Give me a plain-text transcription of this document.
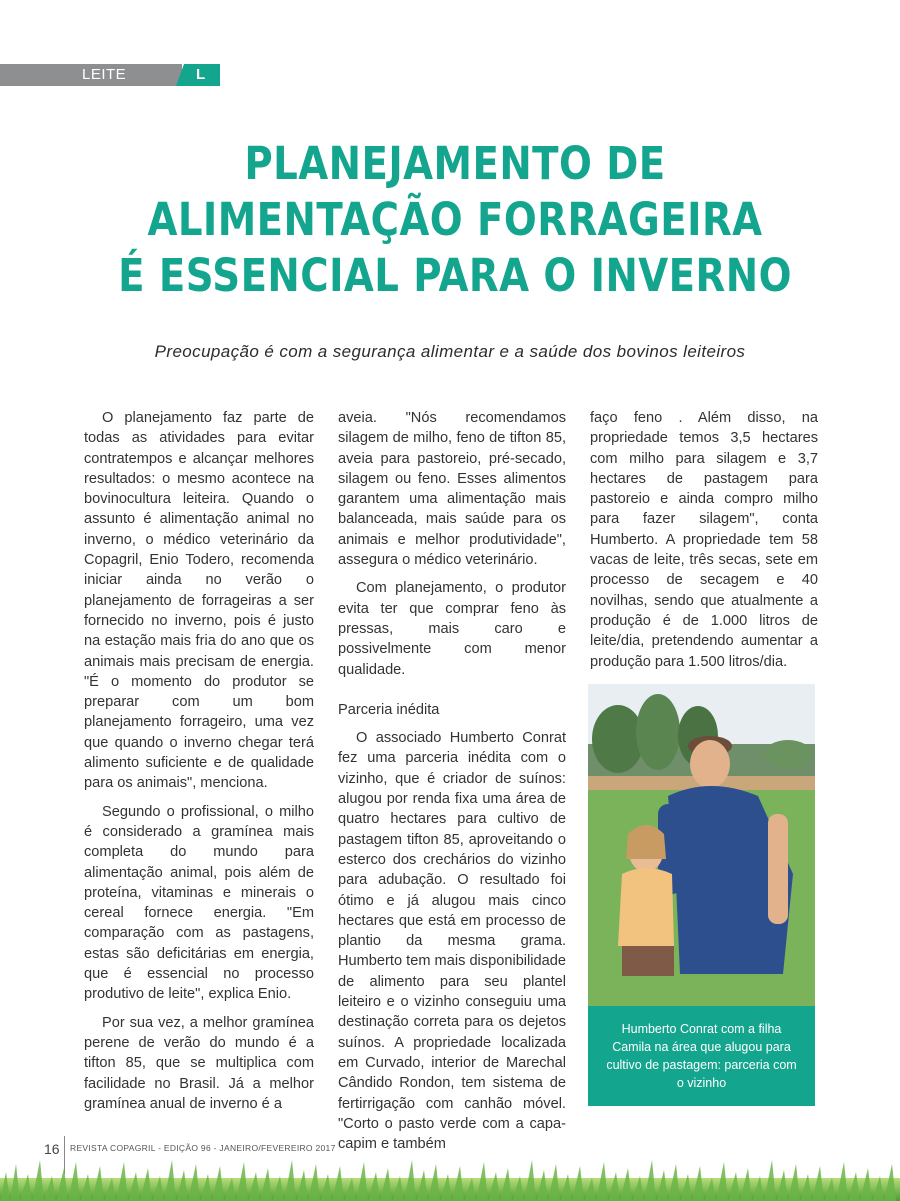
LEITE	L
PLANEJAMENTO DE
ALIMENTAÇÃO FORRAGEIRA
É ESSENCIAL PARA O INVERNO
Preocupação é com a segurança alimentar e a saúde dos bovinos leiteiros

O planejamento faz parte de todas as atividades para evitar contratempos e alcançar melhores resultados: o mesmo acontece na bovinocultura leiteira. Quando o assunto é alimentação animal no inverno, o médico veterinário da Copagril, Enio Todero, recomenda iniciar ainda no verão o planejamento de forrageiras a ser fornecido no inverno, pois é justo na estação mais fria do ano que os animais mais precisam de energia. "É o momento do produtor se preparar com um bom planejamento forrageiro, uma vez que quando o inverno chegar terá alimento suficiente e de qualidade para os animais", menciona.

Segundo o profissional, o milho é considerado a gramínea mais completa do mundo para alimentação animal, pois além de proteína, vitaminas e minerais o cereal fornece energia. "Em comparação com as pastagens, estas são deficitárias em energia, que é essencial no processo produtivo de leite", explica Enio.

Por sua vez, a melhor gramínea perene de verão do mundo é a tifton 85, que se multiplica com facilidade no Brasil. Já a melhor gramínea anual de inverno é a

aveia. "Nós recomendamos silagem de milho, feno de tifton 85, aveia para pastoreio, pré-secado, silagem ou feno. Esses alimentos garantem uma alimentação mais balanceada, mais saúde para os animais e melhor produtividade", assegura o médico veterinário.

Com planejamento, o produtor evita ter que comprar feno às pressas, mais caro e possivelmente com menor qualidade.

Parceria inédita

O associado Humberto Conrat fez uma parceria inédita com o vizinho, que é criador de suínos: alugou por renda fixa uma área de quatro hectares para cultivo de pastagem tifton 85, aproveitando o esterco dos crechários do vizinho para adubação. O resultado foi ótimo e já alugou mais cinco hectares que está em processo de plantio da mesma grama. Humberto tem mais disponibilidade de alimento para seu plantel leiteiro e o vizinho conseguiu uma destinação correta para os dejetos suínos. A propriedade localizada em Curvado, interior de Marechal Cândido Rondon, tem sistema de fertirrigação com canhão móvel. "Corto o pasto verde com a capa-capim e também

faço feno . Além disso, na propriedade temos 3,5 hectares com milho para silagem e 3,7 hectares de pastagem para pastoreio e ainda compro milho para fazer silagem", conta Humberto. A propriedade tem 58 vacas de leite, três secas, sete em processo de secagem e 40 novilhas, sendo que atualmente a produção é de 1.000 litros de leite/dia, pretendendo aumentar a produção para 1.500 litros/dia.

Humberto Conrat com a filha Camila na área que alugou para cultivo de pastagem: parceria com o vizinho
16 REVISTA COPAGRIL - EDIÇÃO 96 - JANEIRO/FEVEREIRO 2017
